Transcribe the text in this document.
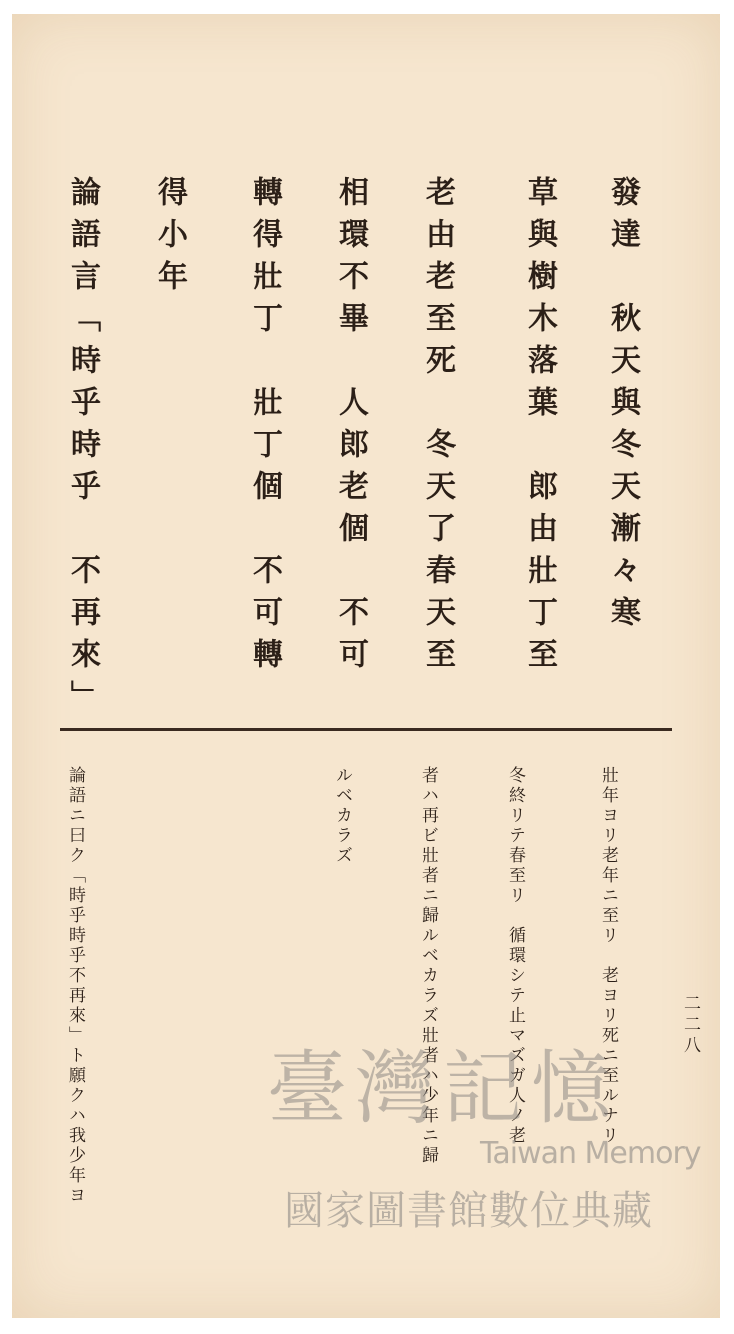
發達　秋天與冬天漸々寒
草與樹木落葉　郎由壯丁至
老由老至死　冬天了春天至
相環不畢　人郎老個　不可
轉得壯丁　壯丁個　不可轉
得小年
論語言「時乎時乎　不再來」
壯年ヨリ老年ニ至リ　老ヨリ死ニ至ルナリ
冬終リテ春至リ　循環シテ止マズガ人ノ老
者ハ再ビ壯者ニ歸ルベカラズ壯者ハ少年ニ歸
ルベカラズ
論語ニ曰ク「時乎時乎不再來」ト願クハ我少年ヨ	二二八
臺灣記憶
Taiwan Memory
國家圖書館數位典藏
